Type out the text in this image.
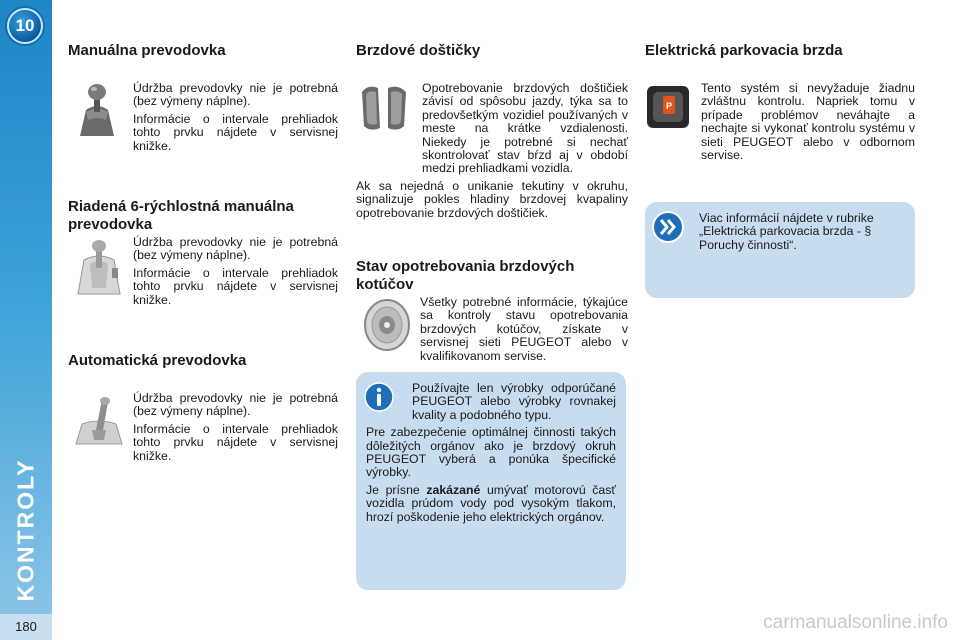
10
KONTROLY
180
Manuálna prevodovka

Údržba prevodovky nie je potrebná (bez výmeny náplne).

Informácie o intervale prehliadok tohto prvku nájdete v servisnej knižke.

Riadená 6-rýchlostná manuálna prevodovka

Údržba prevodovky nie je potrebná (bez výmeny náplne).

Informácie o intervale prehliadok tohto prvku nájdete v servisnej knižke.

Automatická prevodovka

Údržba prevodovky nie je potrebná (bez výmeny náplne).

Informácie o intervale prehliadok tohto prvku nájdete v servisnej knižke.

Brzdové doštičky

Opotrebovanie brzdových doštičiek závisí od spôsobu jazdy, týka sa to predovšetkým vozidiel používaných v meste na krátke vzdialenosti. Niekedy je potrebné si nechať skontrolovať stav bŕzd aj v období medzi prehliadkami vozidla.

Ak sa nejedná o unikanie tekutiny v okruhu, signalizuje pokles hladiny brzdovej kvapaliny opotrebovanie brzdových doštičiek.

Stav opotrebovania brzdových kotúčov

Všetky potrebné informácie, týkajúce sa kontroly stavu opotrebovania brzdových kotúčov, získate v servisnej sieti PEUGEOT alebo v kvalifikovanom servise.

Používajte len výrobky odporúčané PEUGEOT alebo výrobky rovnakej kvality a podobného typu.

Pre zabezpečenie optimálnej činnosti takých dôležitých orgánov ako je brzdový okruh PEUGEOT vyberá a ponúka špecifické výrobky.

Je prísne zakázané umývať motorovú časť vozidla prúdom vody pod vysokým tlakom, hrozí poškodenie jeho elektrických orgánov.

Elektrická parkovacia brzda
P

Tento systém si nevyžaduje žiadnu zvláštnu kontrolu. Napriek tomu v prípade problémov neváhajte a nechajte si vykonať kontrolu systému v sieti PEUGEOT alebo v odbornom servise.

Viac informácií nájdete v rubrike „Elektrická parkovacia brzda - § Poruchy činnosti“.

carmanualsonline.info
